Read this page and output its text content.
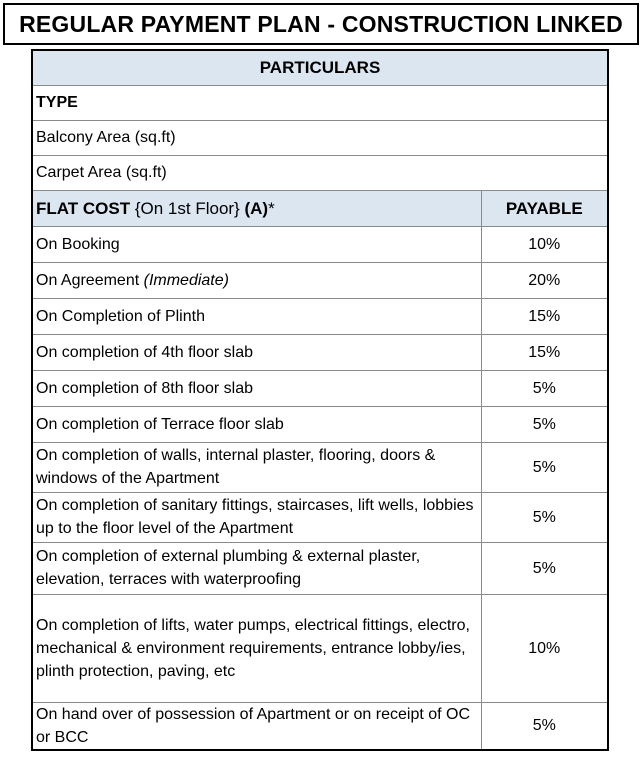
REGULAR PAYMENT PLAN - CONSTRUCTION LINKED
PARTICULARS	
TYPE	
Balcony Area (sq.ft)	
Carpet Area (sq.ft)	
FLAT COST {On 1st Floor} (A)*	PAYABLE
On Booking	10%
On Agreement (Immediate)	20%
On Completion of Plinth	15%
On completion of 4th floor slab	15%
On completion of 8th floor slab	5%
On completion of Terrace floor slab	5%
On completion of walls, internal plaster, flooring, doors & windows of the Apartment	5%
On completion of sanitary fittings, staircases, lift wells, lobbies up to the floor level of the Apartment	5%
On completion of external plumbing & external plaster, elevation, terraces with waterproofing	5%
On completion of lifts, water pumps, electrical fittings, electro, mechanical & environment requirements, entrance lobby/ies, plinth protection, paving, etc	10%
On hand over of possession of Apartment or on receipt of OC or BCC	5%
